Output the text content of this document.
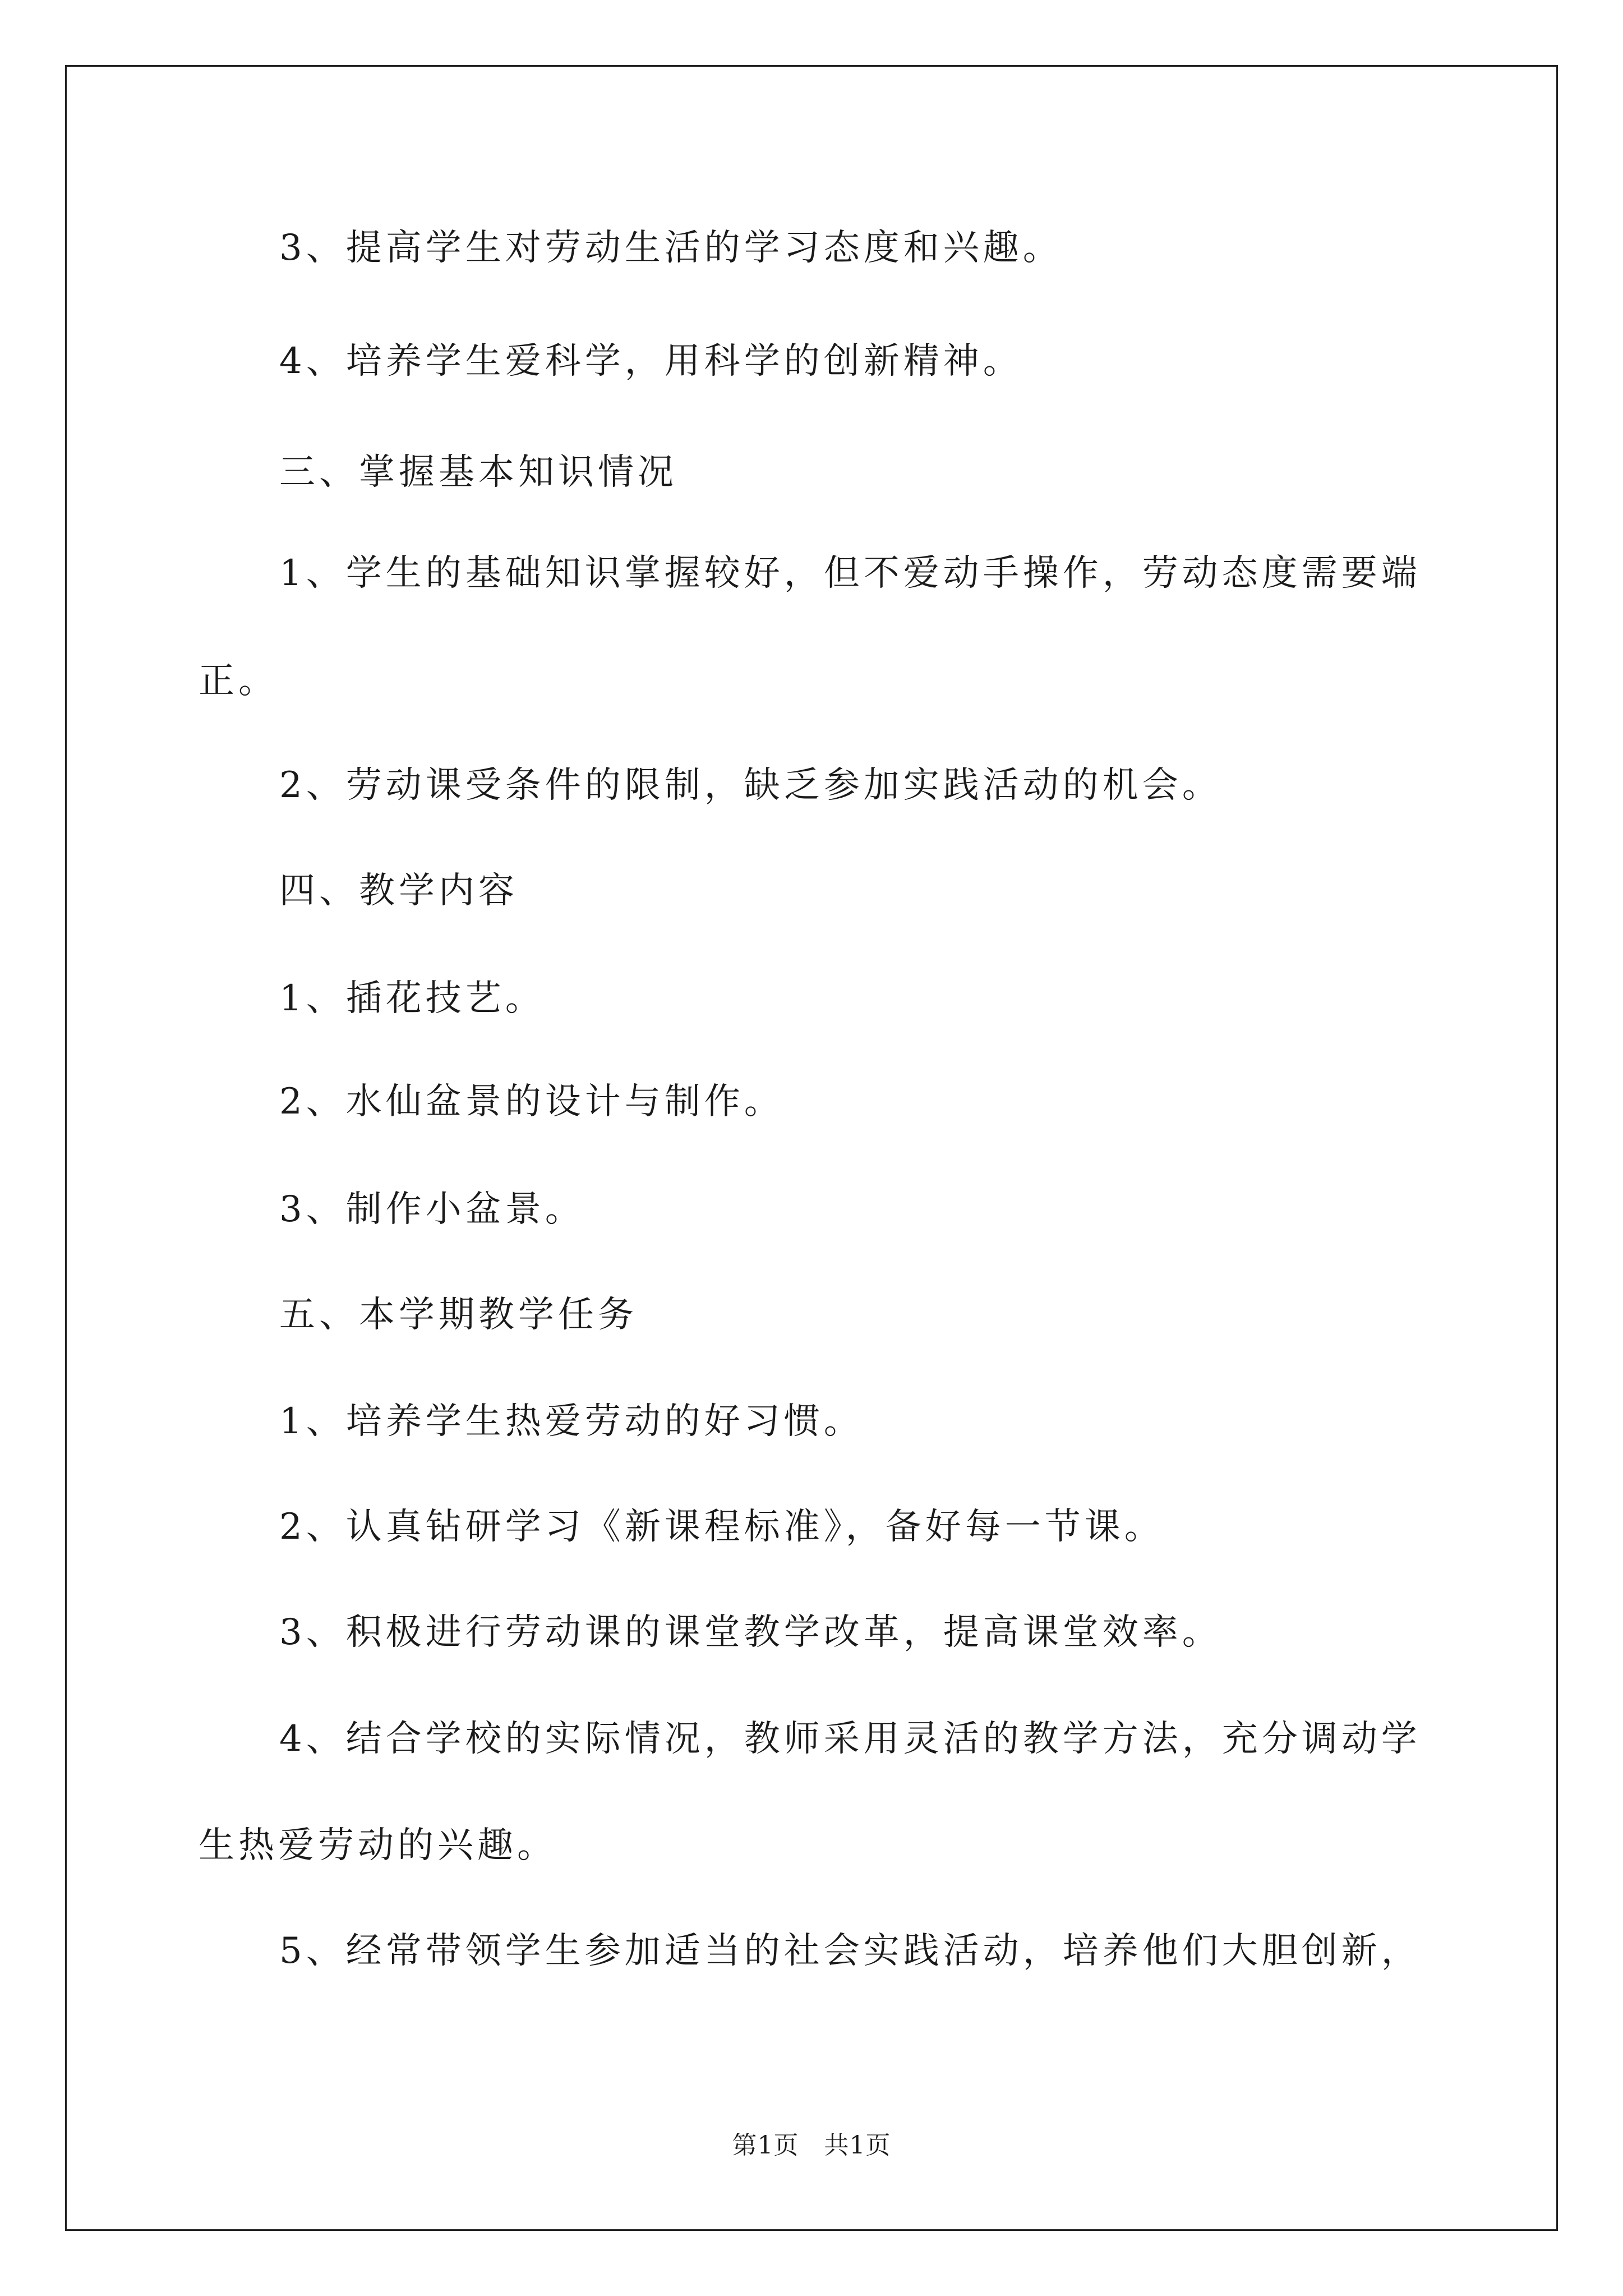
3、提高学生对劳动生活的学习态度和兴趣。
4、培养学生爱科学，用科学的创新精神。
三、掌握基本知识情况
1、学生的基础知识掌握较好，但不爱动手操作，劳动态度需要端
正。
2、劳动课受条件的限制，缺乏参加实践活动的机会。
四、教学内容
1、插花技艺。
2、水仙盆景的设计与制作。
3、制作小盆景。
五、本学期教学任务
1、培养学生热爱劳动的好习惯。
2、认真钻研学习《新课程标准》，备好每一节课。
3、积极进行劳动课的课堂教学改革，提高课堂效率。
4、结合学校的实际情况，教师采用灵活的教学方法，充分调动学
生热爱劳动的兴趣。
5、经常带领学生参加适当的社会实践活动，培养他们大胆创新，
第1页　共1页
